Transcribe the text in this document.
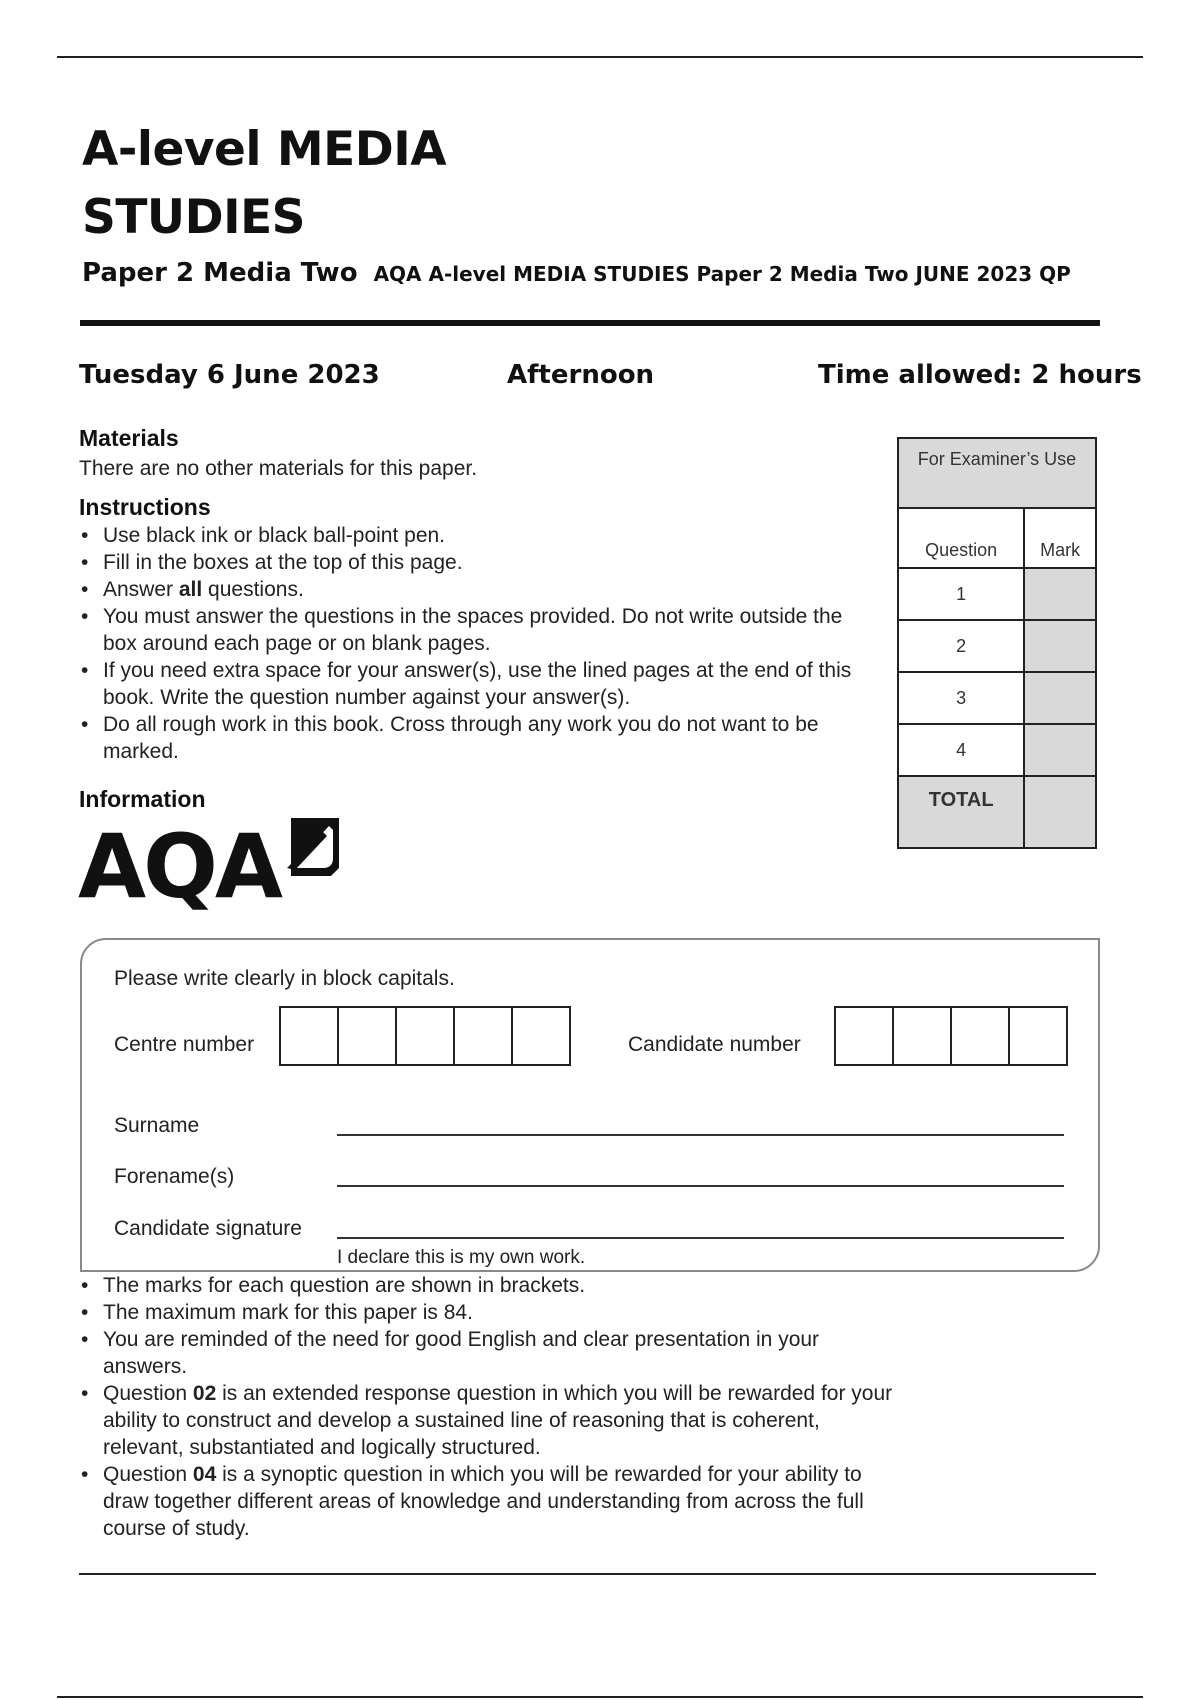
A-level MEDIA
STUDIES
Paper 2 Media Two AQA A-level MEDIA STUDIES Paper 2 Media Two JUNE 2023 QP
Tuesday 6 June 2023	Afternoon	Time allowed: 2 hours
Materials
There are no other materials for this paper.
Instructions
• Use black ink or black ball-point pen.
• Fill in the boxes at the top of this page.
• Answer all questions.
• You must answer the questions in the spaces provided. Do not write outside the box around each page or on blank pages.
• If you need extra space for your answer(s), use the lined pages at the end of this book. Write the question number against your answer(s).
• Do all rough work in this book. Cross through any work you do not want to be marked.
Information
For Examiner’s Use	
Question	Mark
1	
2	
3	
4	
TOTAL	
AQA
Please write clearly in block capitals.
Centre number	Candidate number
Surname
Forename(s)
Candidate signature
I declare this is my own work.
• The marks for each question are shown in brackets.
• The maximum mark for this paper is 84.
• You are reminded of the need for good English and clear presentation in your answers.
• Question 02 is an extended response question in which you will be rewarded for your ability to construct and develop a sustained line of reasoning that is coherent, relevant, substantiated and logically structured.
• Question 04 is a synoptic question in which you will be rewarded for your ability to draw together different areas of knowledge and understanding from across the full course of study.
